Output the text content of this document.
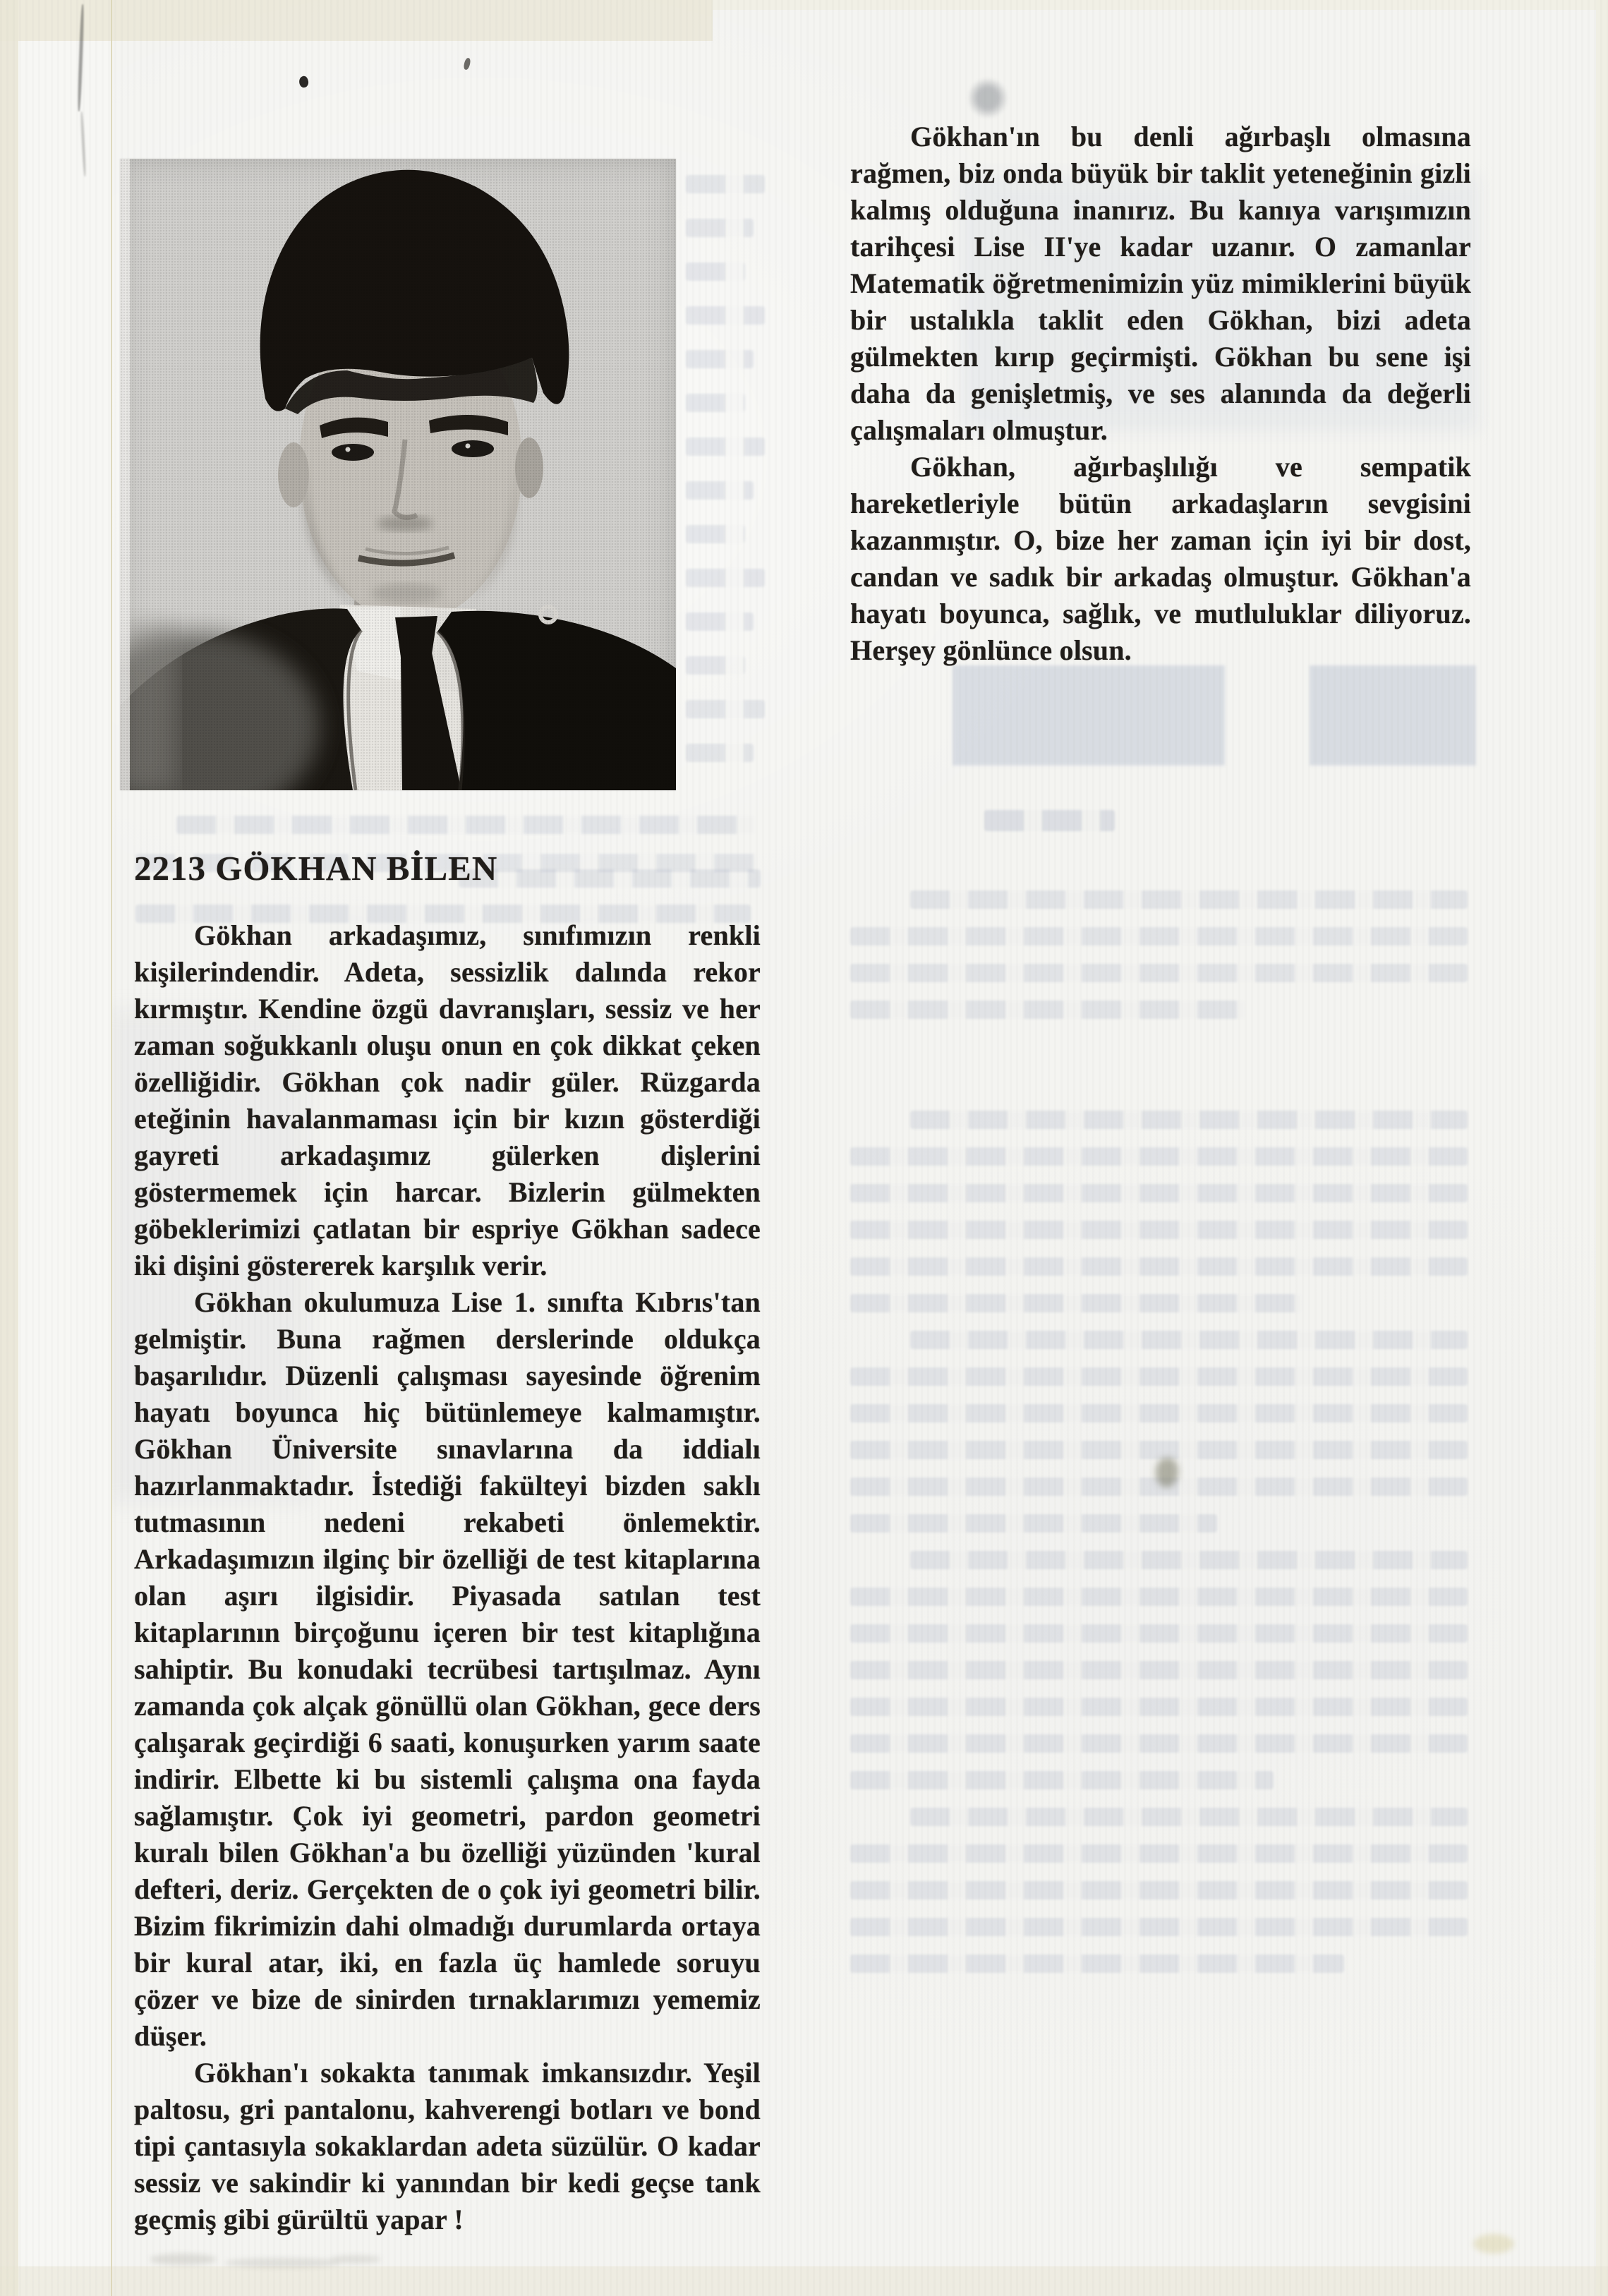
2213 GÖKHAN BİLEN

Gökhan'ın bu denli ağırbaşlı olmasına rağmen, biz onda büyük bir taklit yeteneğinin gizli kalmış olduğuna inanırız. Bu kanıya varışımızın tarihçesi Lise II'ye kadar uzanır. O zamanlar Matematik öğretmenimizin yüz mimiklerini büyük bir ustalıkla taklit eden Gökhan, bizi adeta gülmekten kırıp geçirmişti. Gökhan bu sene işi daha da genişletmiş, ve ses alanında da değerli çalışmaları olmuştur.

Gökhan, ağırbaşlılığı ve sempatik hareketleriyle bütün arkadaşların sevgisini kazanmıştır. O, bize her zaman için iyi bir dost, candan ve sadık bir arkadaş olmuştur. Gökhan'a hayatı boyunca, sağlık, ve mutluluklar diliyoruz. Herşey gönlünce olsun.

Gökhan arkadaşımız, sınıfımızın renkli kişilerindendir. Adeta, sessizlik dalında rekor kırmıştır. Kendine özgü davranışları, sessiz ve her zaman soğukkanlı oluşu onun en çok dikkat çeken özelliğidir. Gökhan çok nadir güler. Rüzgarda eteğinin havalanmaması için bir kızın gösterdiği gayreti arkadaşımız gülerken dişlerini göstermemek için harcar. Bizlerin gülmekten göbeklerimizi çatlatan bir espriye Gökhan sadece iki dişini göstererek karşılık verir.

Gökhan okulumuza Lise 1. sınıfta Kıbrıs'tan gelmiştir. Buna rağmen derslerinde oldukça başarılıdır. Düzenli çalışması sayesinde öğrenim hayatı boyunca hiç bütünlemeye kalmamıştır. Gökhan Üniversite sınavlarına da iddialı hazırlanmaktadır. İstediği fakülteyi bizden saklı tutmasının nedeni rekabeti önlemektir. Arkadaşımızın ilginç bir özelliği de test kitaplarına olan aşırı ilgisidir. Piyasada satılan test kitaplarının birçoğunu içeren bir test kitaplığına sahiptir. Bu konudaki tecrübesi tartışılmaz. Aynı zamanda çok alçak gönüllü olan Gökhan, gece ders çalışarak geçirdiği 6 saati, konuşurken yarım saate indirir. Elbette ki bu sistemli çalışma ona fayda sağlamıştır. Çok iyi geometri, pardon geometri kuralı bilen Gökhan'a bu özelliği yüzünden 'kural defteri, deriz. Gerçekten de o çok iyi geometri bilir. Bizim fikrimizin dahi olmadığı durumlarda ortaya bir kural atar, iki, en fazla üç hamlede soruyu çözer ve bize de sinirden tırnaklarımızı yememiz düşer.

Gökhan'ı sokakta tanımak imkansızdır. Yeşil paltosu, gri pantalonu, kahverengi botları ve bond tipi çantasıyla sokaklardan adeta süzülür. O kadar sessiz ve sakindir ki yanından bir kedi geçse tank geçmiş gibi gürültü yapar !
